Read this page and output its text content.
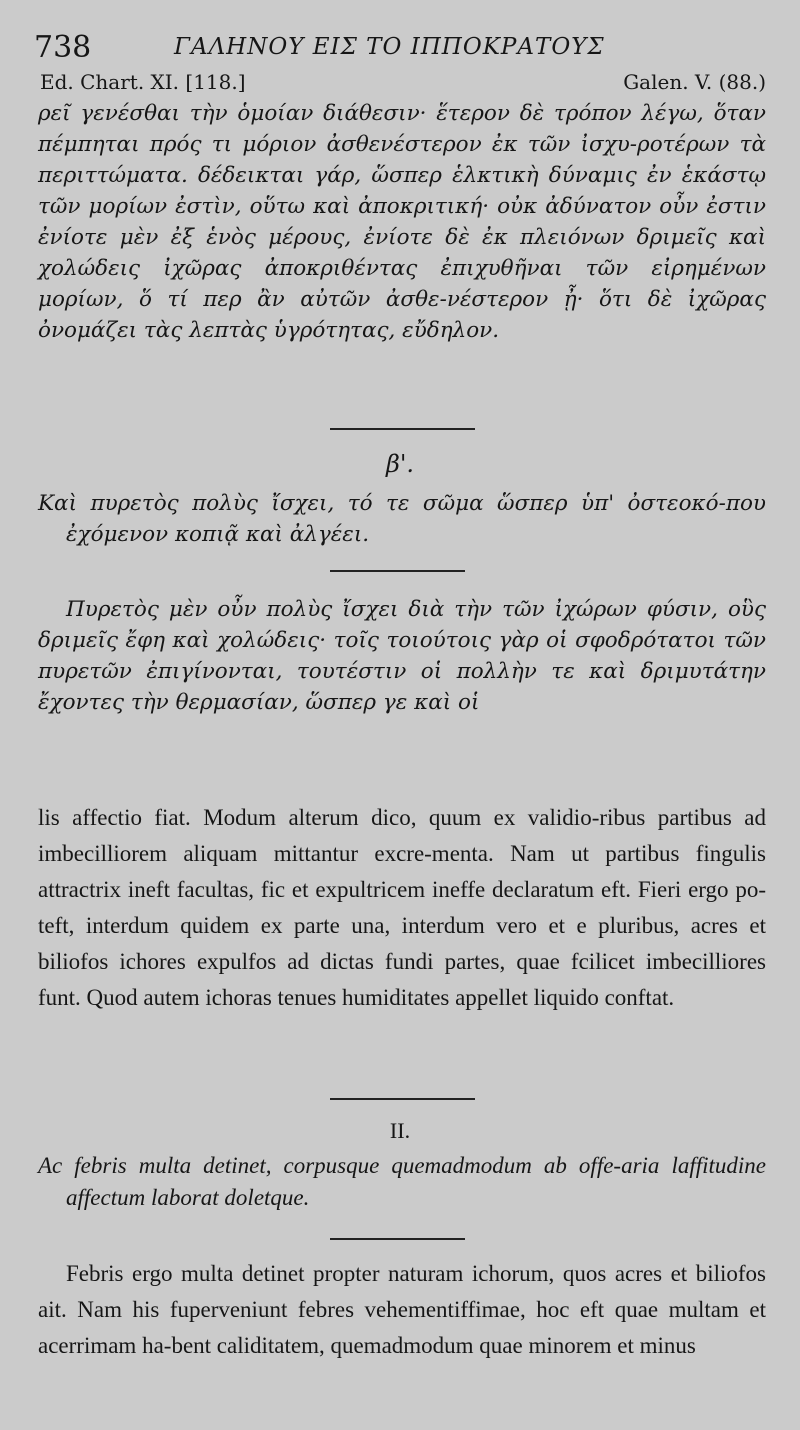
738	ΓΑΛΗΝΟΥ ΕΙΣ ΤΟ ΙΠΠΟΚΡΑΤΟΥΣ
Ed. Chart. XI. [118.]	Galen. V. (88.)
ρεῖ γενέσθαι τὴν ὁμοίαν διάθεσιν· ἕτερον δὲ τρόπον λέγω, ὅταν πέμπηται πρός τι μόριον ἀσθενέστερον ἐκ τῶν ἰσχυ-ροτέρων τὰ περιττώματα. δέδεικται γάρ, ὥσπερ ἑλκτικὴ δύναμις ἐν ἑκάστῳ τῶν μορίων ἐστὶν, οὕτω καὶ ἀποκριτική· οὐκ ἀδύνατον οὖν ἐστιν ἐνίοτε μὲν ἐξ ἑνὸς μέρους, ἐνίοτε δὲ ἐκ πλειόνων δριμεῖς καὶ χολώδεις ἰχῶρας ἀποκριθέντας ἐπιχυθῆναι τῶν εἰρημένων μορίων, ὅ τί περ ἂν αὐτῶν ἀσθε-νέστερον ᾖ· ὅτι δὲ ἰχῶρας ὀνομάζει τὰς λεπτὰς ὑγρότητας, εὔδηλον.
β'.
Καὶ πυρετὸς πολὺς ἴσχει, τό τε σῶμα ὥσπερ ὑπ' ὀστεοκό-που ἐχόμενον κοπιᾷ καὶ ἀλγέει.
Πυρετὸς μὲν οὖν πολὺς ἴσχει διὰ τὴν τῶν ἰχώρων φύσιν, οὓς δριμεῖς ἔφη καὶ χολώδεις· τοῖς τοιούτοις γὰρ οἱ σφοδρότατοι τῶν πυρετῶν ἐπιγίνονται, τουτέστιν οἱ πολλὴν τε καὶ δριμυτάτην ἔχοντες τὴν θερμασίαν, ὥσπερ γε καὶ οἱ
lis affectio fiat. Modum alterum dico, quum ex validio-ribus partibus ad imbecilliorem aliquam mittantur excre-menta. Nam ut partibus fingulis attractrix ineft facultas, fic et expultricem ineffe declaratum eft. Fieri ergo po-teft, interdum quidem ex parte una, interdum vero et e pluribus, acres et biliofos ichores expulfos ad dictas fundi partes, quae fcilicet imbecilliores funt. Quod autem ichoras tenues humiditates appellet liquido conftat.
II.
Ac febris multa detinet, corpusque quemadmodum ab offe-aria laffitudine affectum laborat doletque.
Febris ergo multa detinet propter naturam ichorum, quos acres et biliofos ait. Nam his fuperveniunt febres vehementiffimae, hoc eft quae multam et acerrimam ha-bent caliditatem, quemadmodum quae minorem et minus
